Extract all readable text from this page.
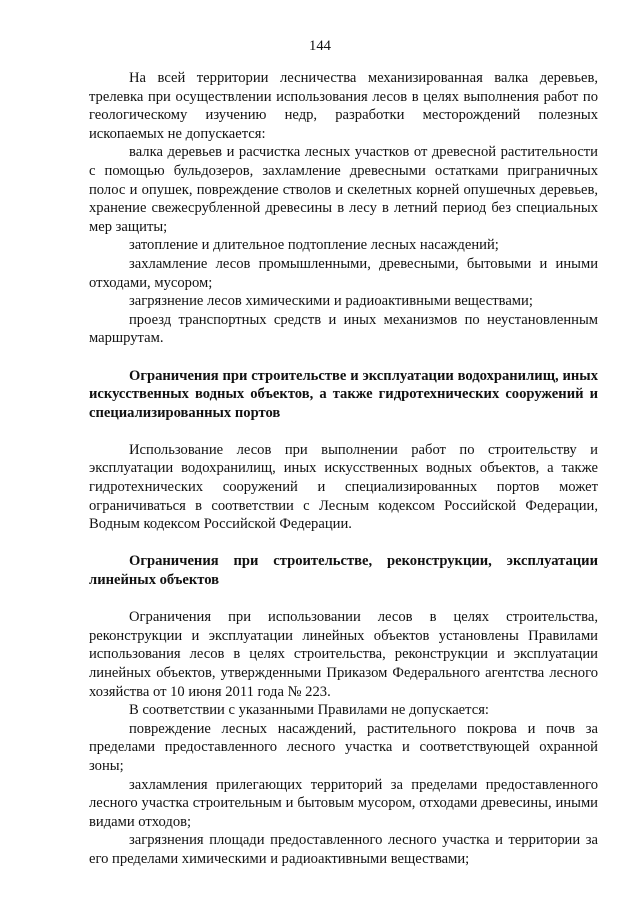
144

На всей территории лесничества механизированная валка деревьев, трелевка при осуществлении использования лесов в целях выполнения работ по геологическому изучению недр, разработки месторождений полезных ископаемых не допускается:

валка деревьев и расчистка лесных участков от древесной растительности с помощью бульдозеров, захламление древесными остатками приграничных полос и опушек, повреждение стволов и скелетных корней опушечных деревьев, хранение свежесрубленной древесины в лесу в летний период без специальных мер защиты;

затопление и длительное подтопление лесных насаждений;

захламление лесов промышленными, древесными, бытовыми и иными отходами, мусором;

загрязнение лесов химическими и радиоактивными веществами;

проезд транспортных средств и иных механизмов по неустановленным маршрутам.

Ограничения при строительстве и эксплуатации водохранилищ, иных искусственных водных объектов, а также гидротехнических сооружений и специализированных портов

Использование лесов при выполнении работ по строительству и эксплуатации водохранилищ, иных искусственных водных объектов, а также гидротехнических сооружений и специализированных портов может ограничиваться в соответствии с Лесным кодексом Российской Федерации, Водным кодексом Российской Федерации.

Ограничения при строительстве, реконструкции, эксплуатации линейных объектов

Ограничения при использовании лесов в целях строительства, реконструкции и эксплуатации линейных объектов установлены Правилами использования лесов в целях строительства, реконструкции и эксплуатации линейных объектов, утвержденными Приказом Федерального агентства лесного хозяйства от 10 июня 2011 года № 223.

В соответствии с указанными Правилами не допускается:

повреждение лесных насаждений, растительного покрова и почв за пределами предоставленного лесного участка и соответствующей охранной зоны;

захламления прилегающих территорий за пределами предоставленного лесного участка строительным и бытовым мусором, отходами древесины, иными видами отходов;

загрязнения площади предоставленного лесного участка и территории за его пределами химическими и радиоактивными веществами;
